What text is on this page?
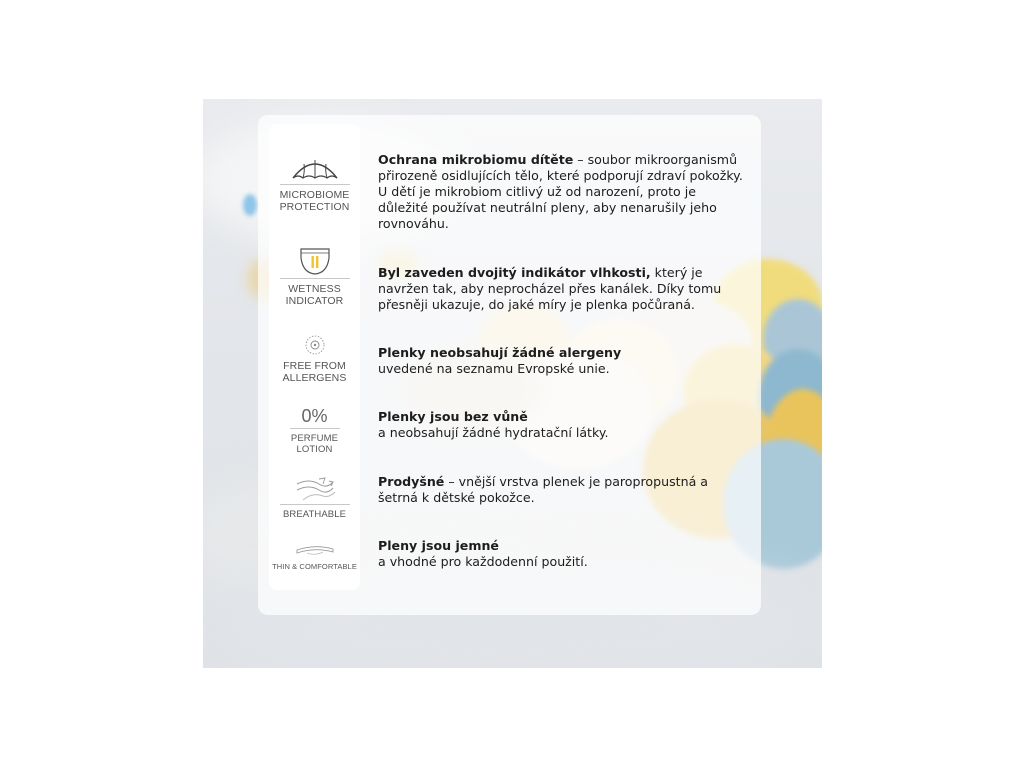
MICROBIOME
PROTECTION
WETNESS
INDICATOR
FREE FROM
ALLERGENS
0%
PERFUME
LOTION
BREATHABLE
THIN & COMFORTABLE
Ochrana mikrobiomu dítěte – soubor mikroorganismů přirozeně osidlujících tělo, které podporují zdraví pokožky. U dětí je mikrobiom citlivý už od narození, proto je důležité používat neutrální pleny, aby nenarušily jeho rovnováhu.
Byl zaveden dvojitý indikátor vlhkosti, který je navržen tak, aby neprocházel přes kanálek. Díky tomu přesněji ukazuje, do jaké míry je plenka počůraná.
Plenky neobsahují žádné alergeny
uvedené na seznamu Evropské unie.
Plenky jsou bez vůně
a neobsahují žádné hydratační látky.
Prodyšné – vnější vrstva plenek je paropropustná a šetrná k dětské pokožce.
Pleny jsou jemné
a vhodné pro každodenní použití.
